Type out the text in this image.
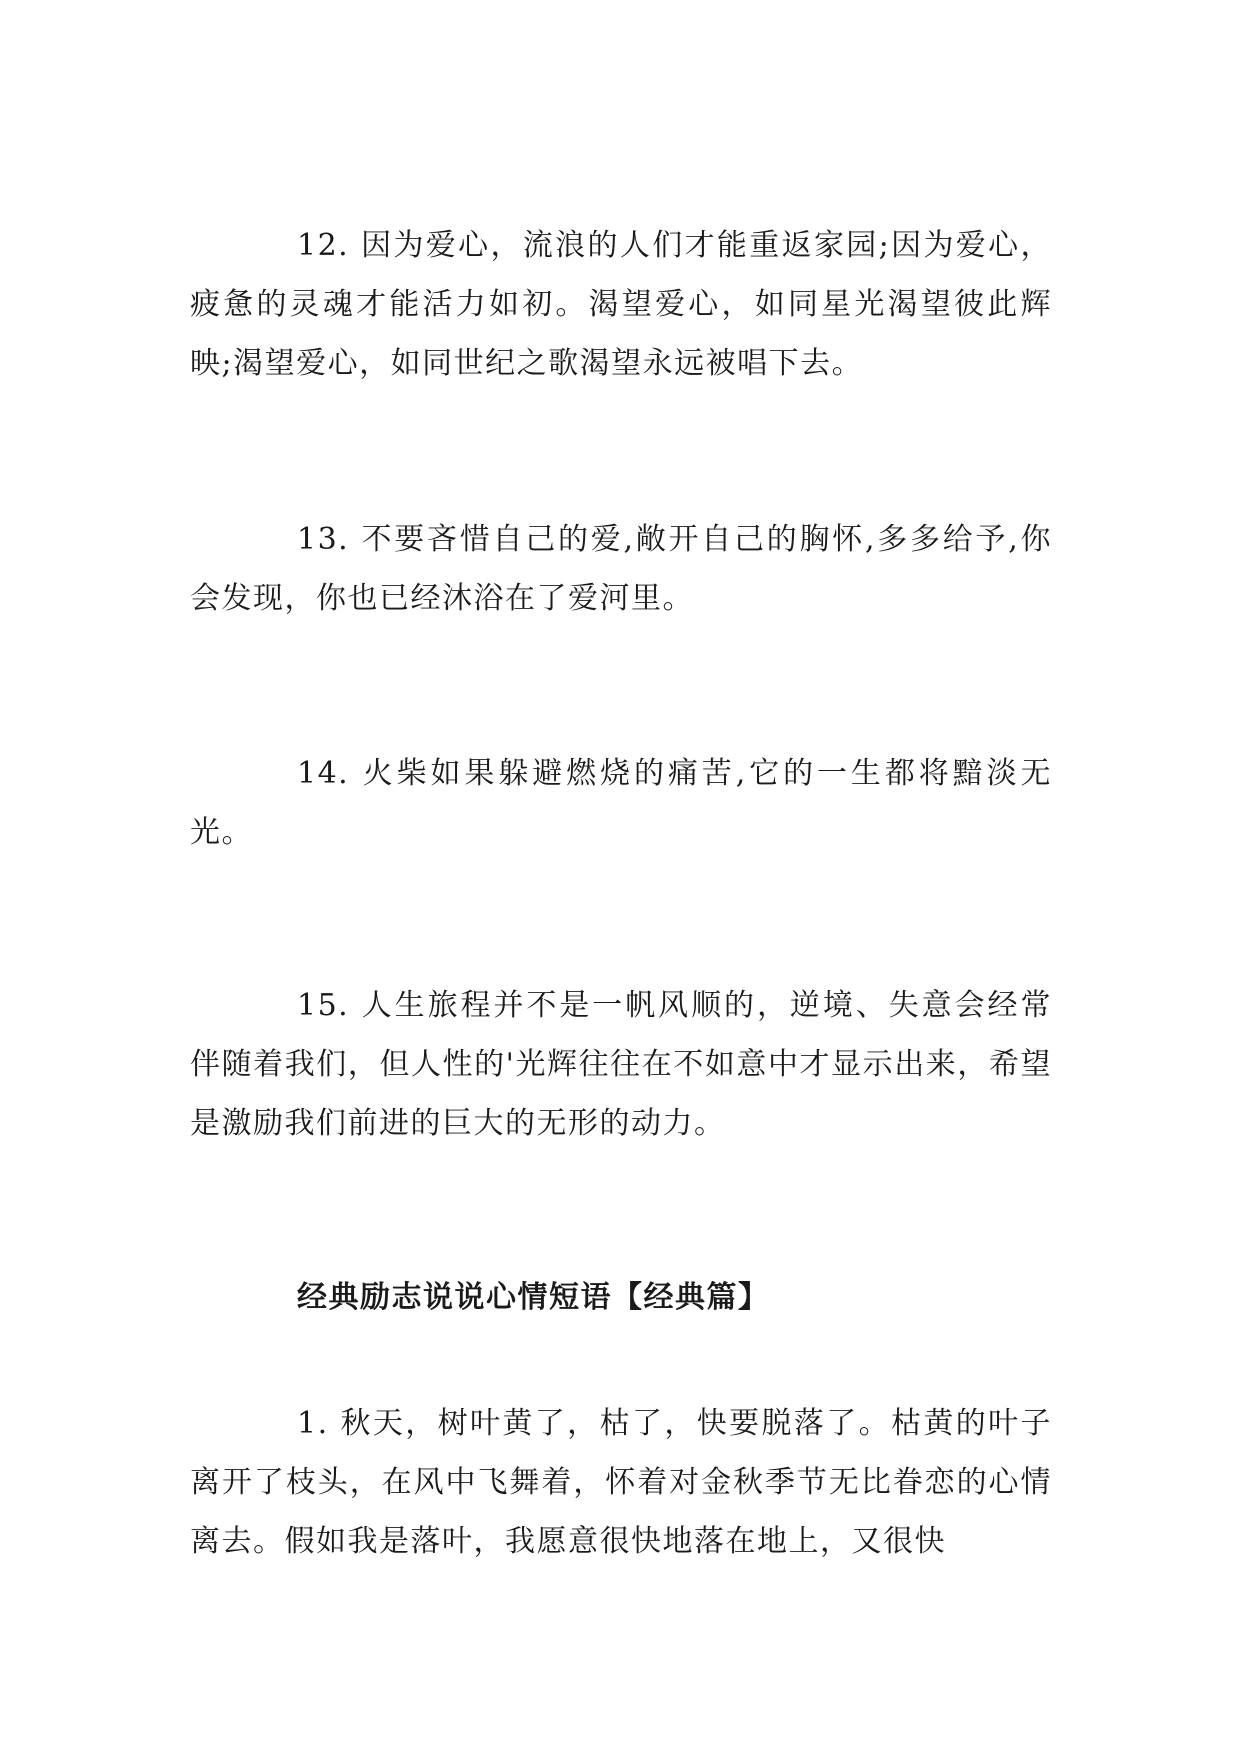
12. 因为爱心，流浪的人们才能重返家园;因为爱心，疲惫的灵魂才能活力如初。渴望爱心，如同星光渴望彼此辉映;渴望爱心，如同世纪之歌渴望永远被唱下去。

13. 不要吝惜自己的爱,敞开自己的胸怀,多多给予,你会发现，你也已经沐浴在了爱河里。

14. 火柴如果躲避燃烧的痛苦,它的一生都将黯淡无光。

15. 人生旅程并不是一帆风顺的，逆境、失意会经常伴随着我们，但人性的'光辉往往在不如意中才显示出来，希望是激励我们前进的巨大的无形的动力。

经典励志说说心情短语【经典篇】

1. 秋天，树叶黄了，枯了，快要脱落了。枯黄的叶子离开了枝头，在风中飞舞着，怀着对金秋季节无比眷恋的心情离去。假如我是落叶，我愿意很快地落在地上，又很快
